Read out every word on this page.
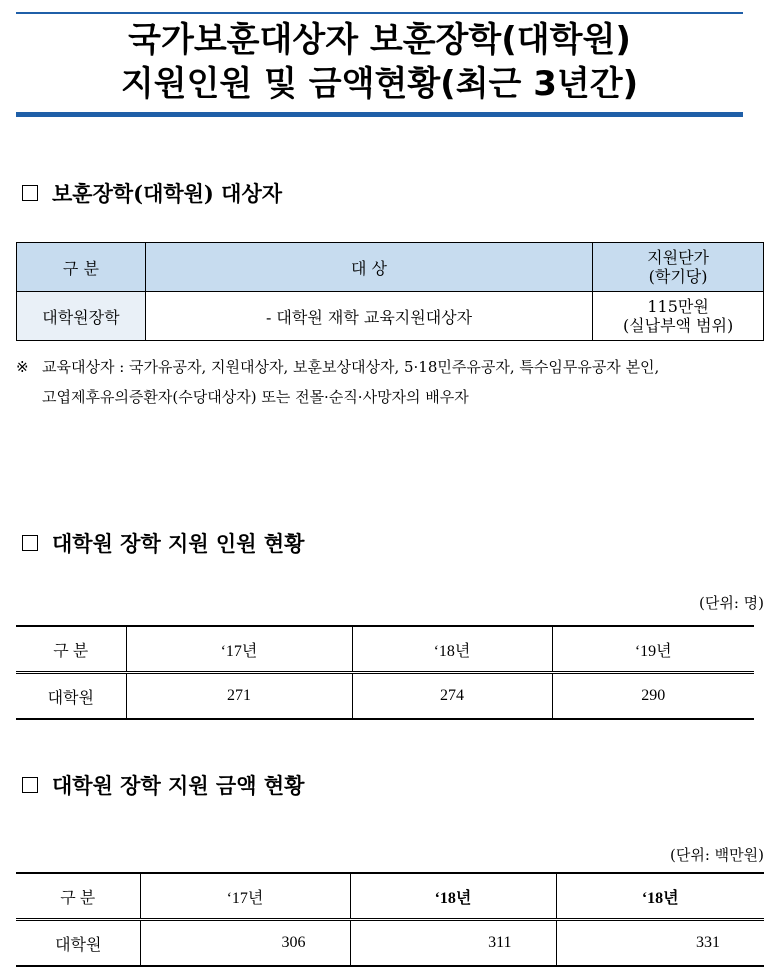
국가보훈대상자 보훈장학(대학원)
지원인원 및 금액현황(최근 3년간)
보훈장학(대학원) 대상자
구 분	대 상	지원단가
(학기당)
대학원장학	- 대학원 재학 교육지원대상자	115만원
(실납부액 범위)
※ 교육대상자 : 국가유공자, 지원대상자, 보훈보상대상자, 5·18민주유공자, 특수임무유공자 본인,
고엽제후유의증환자(수당대상자) 또는 전몰·순직·사망자의 배우자
대학원 장학 지원 인원 현황
(단위: 명)
구 분	‘17년	‘18년	‘19년
대학원	271	274	290
대학원 장학 지원 금액 현황
(단위: 백만원)
구 분	‘17년	‘18년	‘18년
대학원	306	311	331
